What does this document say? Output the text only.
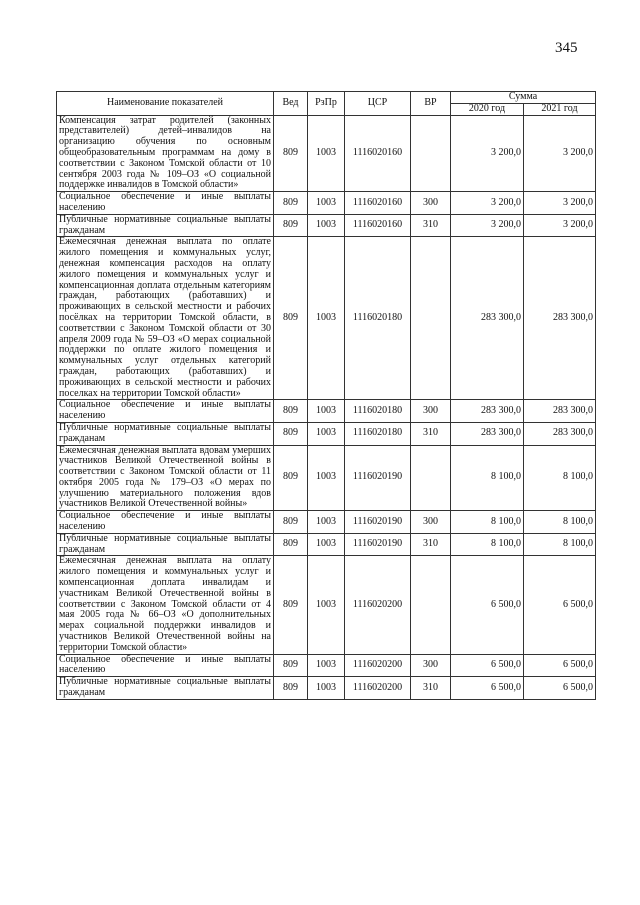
345
Наименование показателей	Вед	РзПр	ЦСР	ВР	Сумма	
					2020 год	2021 год
Компенсация затрат родителей (законных представителей) детей–инвалидов на организацию обучения по основным общеобразовательным программам на дому в соответствии с Законом Томской области от 10 сентября 2003 года № 109–ОЗ «О социальной поддержке инвалидов в Томской области»	809	1003	1116020160		3 200,0	3 200,0
Социальное обеспечение и иные выплаты населению	809	1003	1116020160	300	3 200,0	3 200,0
Публичные нормативные социальные выплаты гражданам	809	1003	1116020160	310	3 200,0	3 200,0
Ежемесячная денежная выплата по оплате жилого помещения и коммунальных услуг, денежная компенсация расходов на оплату жилого помещения и коммунальных услуг и компенсационная доплата отдельным категориям граждан, работающих (работавших) и проживающих в сельской местности и рабочих посёлках на территории Томской области, в соответствии с Законом Томской области от 30 апреля 2009 года № 59–ОЗ «О мерах социальной поддержки по оплате жилого помещения и коммунальных услуг отдельных категорий граждан, работающих (работавших) и проживающих в сельской местности и рабочих поселках на территории Томской области»	809	1003	1116020180		283 300,0	283 300,0
Социальное обеспечение и иные выплаты населению	809	1003	1116020180	300	283 300,0	283 300,0
Публичные нормативные социальные выплаты гражданам	809	1003	1116020180	310	283 300,0	283 300,0
Ежемесячная денежная выплата вдовам умерших участников Великой Отечественной войны в соответствии с Законом Томской области от 11 октября 2005 года № 179–ОЗ «О мерах по улучшению материального положения вдов участников Великой Отечественной войны»	809	1003	1116020190		8 100,0	8 100,0
Социальное обеспечение и иные выплаты населению	809	1003	1116020190	300	8 100,0	8 100,0
Публичные нормативные социальные выплаты гражданам	809	1003	1116020190	310	8 100,0	8 100,0
Ежемесячная денежная выплата на оплату жилого помещения и коммунальных услуг и компенсационная доплата инвалидам и участникам Великой Отечественной войны в соответствии с Законом Томской области от 4 мая 2005 года № 66–ОЗ «О дополнительных мерах социальной поддержки инвалидов и участников Великой Отечественной войны на территории Томской области»	809	1003	1116020200		6 500,0	6 500,0
Социальное обеспечение и иные выплаты населению	809	1003	1116020200	300	6 500,0	6 500,0
Публичные нормативные социальные выплаты гражданам	809	1003	1116020200	310	6 500,0	6 500,0
